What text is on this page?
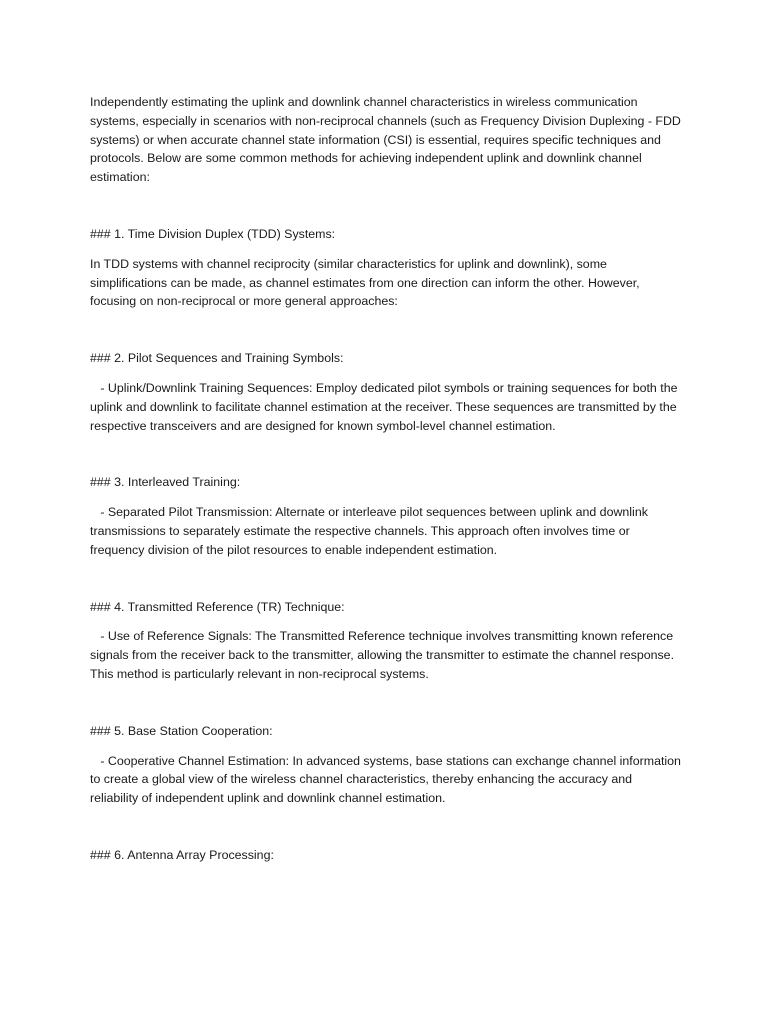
Independently estimating the uplink and downlink channel characteristics in wireless communication systems, especially in scenarios with non-reciprocal channels (such as Frequency Division Duplexing - FDD systems) or when accurate channel state information (CSI) is essential, requires specific techniques and protocols. Below are some common methods for achieving independent uplink and downlink channel estimation:

### 1. Time Division Duplex (TDD) Systems:

In TDD systems with channel reciprocity (similar characteristics for uplink and downlink), some simplifications can be made, as channel estimates from one direction can inform the other. However, focusing on non-reciprocal or more general approaches:

### 2. Pilot Sequences and Training Symbols:

- Uplink/Downlink Training Sequences: Employ dedicated pilot symbols or training sequences for both the uplink and downlink to facilitate channel estimation at the receiver. These sequences are transmitted by the respective transceivers and are designed for known symbol-level channel estimation.

### 3. Interleaved Training:

- Separated Pilot Transmission: Alternate or interleave pilot sequences between uplink and downlink transmissions to separately estimate the respective channels. This approach often involves time or frequency division of the pilot resources to enable independent estimation.

### 4. Transmitted Reference (TR) Technique:

- Use of Reference Signals: The Transmitted Reference technique involves transmitting known reference signals from the receiver back to the transmitter, allowing the transmitter to estimate the channel response. This method is particularly relevant in non-reciprocal systems.

### 5. Base Station Cooperation:

- Cooperative Channel Estimation: In advanced systems, base stations can exchange channel information to create a global view of the wireless channel characteristics, thereby enhancing the accuracy and reliability of independent uplink and downlink channel estimation.

### 6. Antenna Array Processing:
